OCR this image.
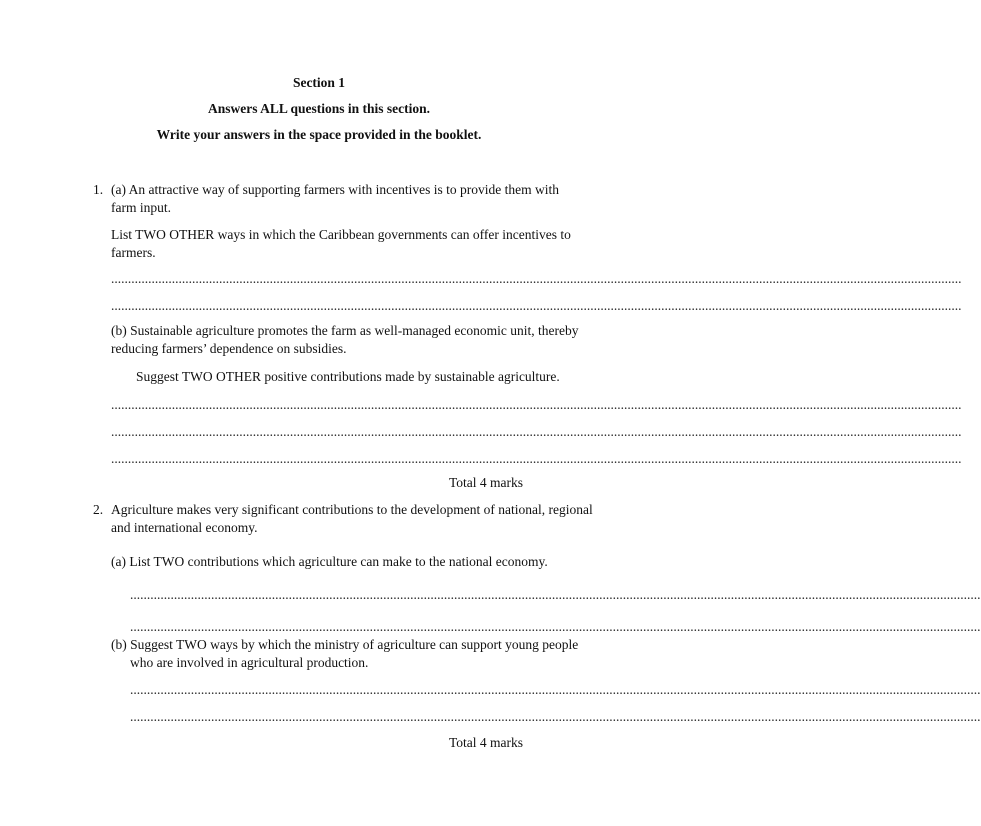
Section 1
Answers ALL questions in this section.
Write your answers in the space provided in the booklet.
1. (a) An attractive way of supporting farmers with incentives is to provide them with
farm input.
List TWO OTHER ways in which the Caribbean governments can offer incentives to
farmers.
............................................................................................................................................................................................................................................................
............................................................................................................................................................................................................................................................
(b) Sustainable agriculture promotes the farm as well-managed economic unit, thereby
reducing farmers’ dependence on subsidies.
Suggest TWO OTHER positive contributions made by sustainable agriculture.
............................................................................................................................................................................................................................................................
............................................................................................................................................................................................................................................................
............................................................................................................................................................................................................................................................
Total 4 marks
2. Agriculture makes very significant contributions to the development of national, regional
and international economy.
(a) List TWO contributions which agriculture can make to the national economy.
............................................................................................................................................................................................................................................................
............................................................................................................................................................................................................................................................
(b) Suggest TWO ways by which the ministry of agriculture can support young people
who are involved in agricultural production.
............................................................................................................................................................................................................................................................
............................................................................................................................................................................................................................................................
Total 4 marks
